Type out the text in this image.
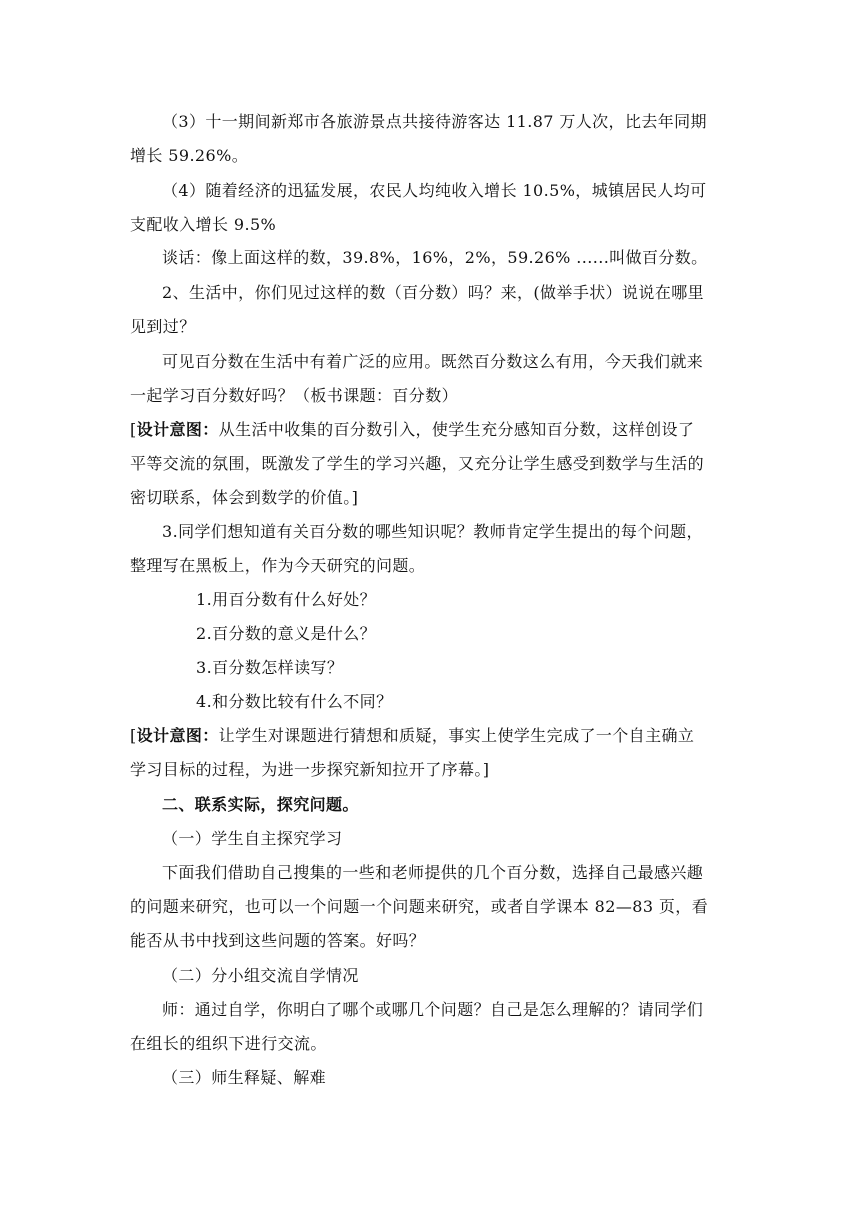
（3）十一期间新郑市各旅游景点共接待游客达 11.87 万人次，比去年同期
增长 59.26%。
（4）随着经济的迅猛发展，农民人均纯收入增长 10.5%，城镇居民人均可
支配收入增长 9.5%
谈话：像上面这样的数，39.8%，16%，2%，59.26% ......叫做百分数。
2、生活中，你们见过这样的数（百分数）吗？来，(做举手状）说说在哪里
见到过？
可见百分数在生活中有着广泛的应用。既然百分数这么有用，今天我们就来
一起学习百分数好吗？（板书课题：百分数）
[设计意图：从生活中收集的百分数引入，使学生充分感知百分数，这样创设了
平等交流的氛围，既激发了学生的学习兴趣，又充分让学生感受到数学与生活的
密切联系，体会到数学的价值。]
3.同学们想知道有关百分数的哪些知识呢？教师肯定学生提出的每个问题，
整理写在黑板上，作为今天研究的问题。
1.用百分数有什么好处？
2.百分数的意义是什么？
3.百分数怎样读写？
4.和分数比较有什么不同？
[设计意图：让学生对课题进行猜想和质疑，事实上使学生完成了一个自主确立
学习目标的过程，为进一步探究新知拉开了序幕。]
二、联系实际，探究问题。
（一）学生自主探究学习
下面我们借助自己搜集的一些和老师提供的几个百分数，选择自己最感兴趣
的问题来研究，也可以一个问题一个问题来研究，或者自学课本 82—83 页，看
能否从书中找到这些问题的答案。好吗？
（二）分小组交流自学情况
师：通过自学，你明白了哪个或哪几个问题？自己是怎么理解的？请同学们
在组长的组织下进行交流。
（三）师生释疑、解难
